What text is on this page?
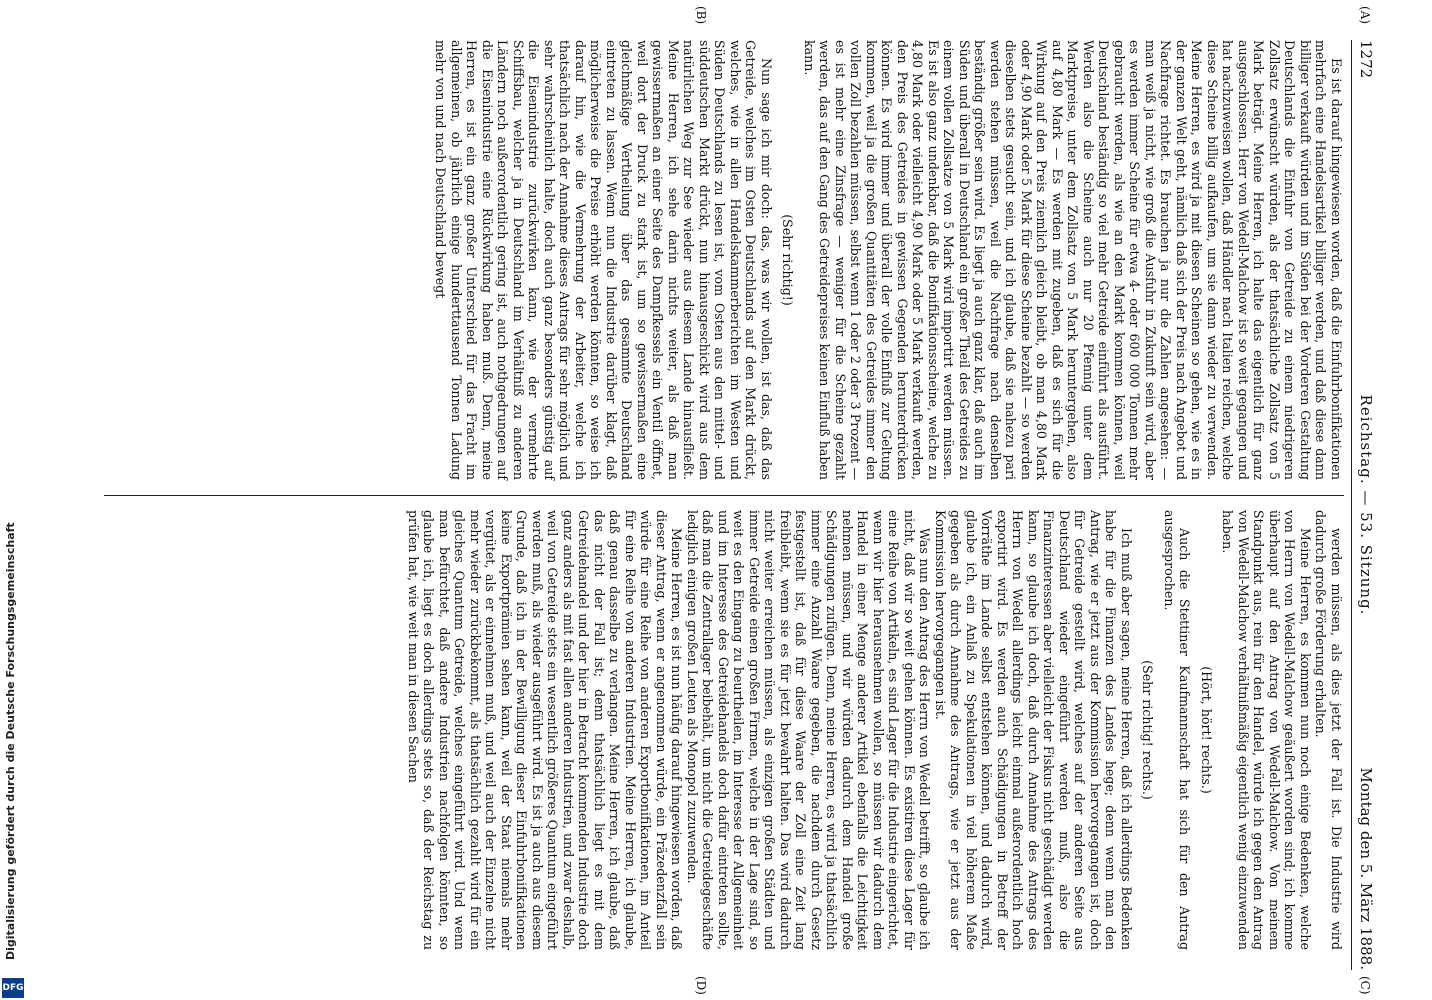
1272
Reichstag. — 53. Sitzung.
Montag den 5. März 1888.
(A)
(B)
(C)
(D)

Es ist darauf hingewiesen worden, daß die Einfuhrbonifikationen mehrfach eine Handelsartikel billiger werden, und daß diese dann billiger verkauft würden und im Süden bei der Vorderen Gestaltung Deutschlands die Einfuhr von Getreide zu einem niedrigeren Zollsatz erwünscht würden, als der thatsächliche Zollsatz von 5 Mark beträgt. Meine Herren, ich halte das eigentlich für ganz ausgeschlossen. Herr von Wedell-Malchow ist so weit gegangen und hat nachzuweisen wollen, daß Händler nach Italien reichen, welche diese Scheine billig aufkaufen, um sie dann wieder zu verwenden. Meine Herren, es wird ja mit diesen Scheinen so gehen, wie es in der ganzen Welt geht, nämlich daß sich der Preis nach Angebot und Nachfrage richtet. Es brauchen ja nur die Zahlen angesehen: — man weiß ja nicht, wie groß die Ausfuhr in Zukunft sein wird, aber es werden immer Scheine für etwa 4- oder 600 000 Tonnen mehr gebraucht werden, als wie an den Markt kommen können, weil Deutschland beständig so viel mehr Getreide einführt als ausführt. Werden also die Scheine auch nur 20 Pfennig unter dem Marktpreise, unter dem Zollsatz von 5 Mark heruntergehen, also auf 4,80 Mark — Es werden mit zugeben, daß es sich für die Wirkung auf den Preis ziemlich gleich bleibt, ob man 4,80 Mark oder 4,90 Mark oder 5 Mark für diese Scheine bezahlt — so werden dieselben stets gesucht sein, und ich glaube, daß sie nahezu pari werden stehen müssen, weil die Nachfrage nach denselben beständig größer sein wird. Es liegt ja auch ganz klar, daß auch im Süden und überall in Deutschland ein großer Theil des Getreides zu einem vollen Zollsatze von 5 Mark wird importirt werden müssen. Es ist also ganz undenkbar, daß die Bonifikationsscheine, welche zu 4,80 Mark oder vielleicht 4,90 Mark oder 5 Mark verkauft werden, den Preis des Getreides in gewissen Gegenden herunterdrücken können. Es wird immer und überall der volle Einfluß zur Geltung kommen, weil ja die großen Quantitäten des Getreides immer den vollen Zoll bezahlen müssen, selbst wenn 1 oder 2 oder 3 Prozent — es ist mehr eine Zinsfrage — weniger für die Scheine gezahlt werden, das auf den Gang des Getreidepreises keinen Einfluß haben kann.

(Sehr richtig!)

Nun sage ich mir doch: das, was wir wollen, ist das, daß das Getreide, welches im Osten Deutschlands auf den Markt drückt, welches, wie in allen Handelskammerberichten im Westen und Süden Deutschlands zu lesen ist, vom Osten aus den mittel- und süddeutschen Markt drückt, nun hinausgeschickt wird aus dem natürlichen Weg zur See wieder aus diesem Lande hinausfließt. Meine Herren, ich sehe darin nichts weiter, als daß man gewissermaßen an einer Seite des Dampfkessels ein Ventil öffnet, weil dort der Druck zu stark ist, um so gewissermaßen eine gleichmäßige Vertheilung über das gesammte Deutschland eintreten zu lassen. Wenn nun die Industrie darüber klagt, daß möglicherweise die Preise erhöht werden könnten, so weise ich darauf hin, wie die Vermehrung der Arbeiter, welche ich thatsächlich nach der Annahme dieses Antrags für sehr möglich und sehr wahrscheinlich halte, doch auch ganz besonders günstig auf die Eisenindustrie zurückwirken kann, wie der vermehrte Schiffsbau, welcher ja in Deutschland im Verhältniß zu anderen Ländern noch außerordentlich gering ist, auch nothgedrungen auf die Eisenindustrie eine Rückwirkung haben muß. Denn, meine Herren, es ist ein ganz großer Unterschied für das Fracht im allgemeinen, ob jährlich einige hunderttausend Tonnen Ladung mehr von und nach Deutschland bewegt

werden müssen, als dies jetzt der Fall ist. Die Industrie wird dadurch große Förderung erhalten.

Meine Herren, es kommen nun noch einige Bedenken, welche von Herrn von Wedell-Malchow geäußert worden sind; ich komme überhaupt auf den Antrag von Wedell-Malchow. Von meinem Standpunkt aus, rein für den Handel, würde ich gegen den Antrag von Wedell-Malchow verhältnißmäßig eigentlich wenig einzuwenden haben.

(Hört, hört! rechts.)

Auch die Stettiner Kaufmannschaft hat sich für den Antrag ausgesprochen.

(Sehr richtig! rechts.)

Ich muß aber sagen, meine Herren, daß ich allerdings Bedenken habe für die Finanzen des Landes hege; denn wenn man den Antrag, wie er jetzt aus der Kommission hervorgegangen ist, doch für Getreide gestellt wird, welches auf der anderen Seite aus Deutschland wieder eingeführt werden muß, also die Finanzinteressen aber vielleicht der Fiskus nicht geschädigt werden kann, so glaube ich doch, daß durch Annahme des Antrags des Herrn von Wedell allerdings leicht einmal außerordentlich hoch exportirt wird. Es werden auch Schädigungen in Betreff der Vorräthe im Lande selbst entstehen können, und dadurch wird, glaube ich, ein Anlaß zu Spekulationen in viel höherem Maße gegeben als durch Annahme des Antrags, wie er jetzt aus der Kommission hervorgegangen ist.

Was nun den Antrag des Herrn von Wedell betrifft, so glaube ich nicht, daß wir so weit gehen können. Es existiren diese Lager für eine Reihe von Artikeln, es sind Lager für die Industrie eingerichtet, wenn wir hier herausnehmen wollen, so müssen wir dadurch dem Handel in einer Menge anderer Artikel ebenfalls die Leichtigkeit nehmen müssen, und wir würden dadurch dem Handel große Schädigungen zufügen. Denn, meine Herren, es wird ja thatsächlich immer eine Anzahl Waare gegeben, die nachdem durch Gesetz festgestellt ist, daß für diese Waare der Zoll eine Zeit lang freibleibt, wenn sie es für jetzt bewahrt halten. Das wird dadurch nicht weiter erreichen müssen, als einzigen großen Städten und immer Getreide einen großen Firmen, welche in der Lage sind, so weit es den Eingang zu beurtheilen, im Interesse der Allgemeinheit und im Interesse des Getreidehandels doch dafür eintreten sollte, daß man die Zentrallager beibehält, um nicht die Getreidegeschäfte lediglich einigen großen Leuten als Monopol zuzuwenden.

Meine Herren, es ist nun häufig darauf hingewiesen worden, daß dieser Antrag, wenn er angenommen würde, ein Präzedenzfall sein würde für eine Reihe von anderen Exportbonifikationen, im Anteil für eine Reihe von anderen Industrien. Meine Herren, ich glaube, daß genau dasselbe zu verlangen. Meine Herren, ich glaube, daß das nicht der Fall ist; denn thatsächlich liegt es mit dem Getreidehandel und der hier in Betracht kommenden Industrie doch ganz anders als mit fast allen anderen Industrien, und zwar deshalb, weil von Getreide stets ein wesentlich größeres Quantum eingeführt werden muß, als wieder ausgeführt wird. Es ist ja auch aus diesem Grunde, daß ich in der Bewilligung dieser Einfuhrbonifikationen keine Exportprämien sehen kann, weil der Staat niemals mehr vergütet, als er einnehmen muß, und weil auch der Einzelne nicht mehr wieder zurückbekommt, als thatsächlich gezahlt wird für ein gleiches Quantum Getreide, welches eingeführt wird. Und wenn man befürchtet, daß andere Industrien nachfolgen könnten, so glaube ich, liegt es doch allerdings stets so, daß der Reichstag zu prüfen hat, wie weit man in diesen Sachen

Digitalisierung gefördert durch die Deutsche Forschungsgemeinschaft
DFG
